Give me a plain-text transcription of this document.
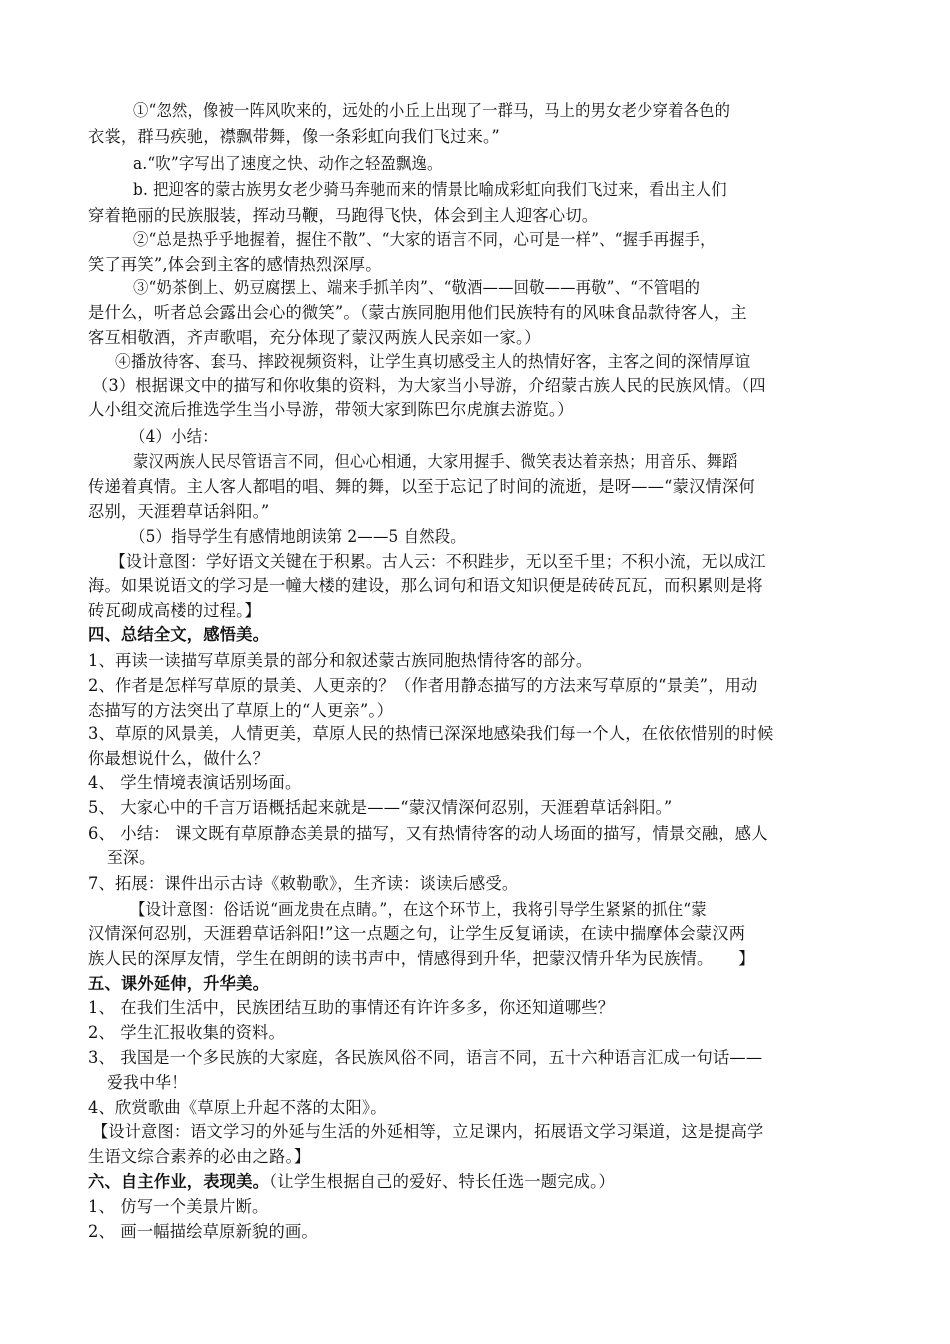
①“忽然，像被一阵风吹来的，远处的小丘上出现了一群马，马上的男女老少穿着各色的
衣裳，群马疾驰，襟飘带舞，像一条彩虹向我们飞过来。”
a.“吹”字写出了速度之快、动作之轻盈飘逸。
b. 把迎客的蒙古族男女老少骑马奔驰而来的情景比喻成彩虹向我们飞过来，看出主人们
穿着艳丽的民族服装，挥动马鞭，马跑得飞快，体会到主人迎客心切。
②“总是热乎乎地握着，握住不散”、“大家的语言不同，心可是一样”、“握手再握手，
笑了再笑”,体会到主客的感情热烈深厚。
③“奶茶倒上、奶豆腐摆上、端来手抓羊肉”、“敬酒——回敬——再敬”、“不管唱的
是什么，听者总会露出会心的微笑”。（蒙古族同胞用他们民族特有的风味食品款待客人，主
客互相敬酒，齐声歌唱，充分体现了蒙汉两族人民亲如一家。）
④播放待客、套马、摔跤视频资料，让学生真切感受主人的热情好客，主客之间的深情厚谊
（3）根据课文中的描写和你收集的资料，为大家当小导游，介绍蒙古族人民的民族风情。（四
人小组交流后推选学生当小导游，带领大家到陈巴尔虎旗去游览。）
（4）小结：
蒙汉两族人民尽管语言不同，但心心相通，大家用握手、微笑表达着亲热；用音乐、舞蹈
传递着真情。主人客人都唱的唱、舞的舞，以至于忘记了时间的流逝，是呀——“蒙汉情深何
忍别，天涯碧草话斜阳。”
（5）指导学生有感情地朗读第 2——5 自然段。
【设计意图：学好语文关键在于积累。古人云：不积跬步，无以至千里；不积小流，无以成江
海。如果说语文的学习是一幢大楼的建设，那么词句和语文知识便是砖砖瓦瓦，而积累则是将
砖瓦砌成高楼的过程。】
四、总结全文，感悟美。
1、再读一读描写草原美景的部分和叙述蒙古族同胞热情待客的部分。
2、作者是怎样写草原的景美、人更亲的？（作者用静态描写的方法来写草原的“景美”，用动
态描写的方法突出了草原上的“人更亲”。）
3、草原的风景美，人情更美，草原人民的热情已深深地感染我们每一个人，在依依惜别的时候
你最想说什么，做什么？
4、 学生情境表演话别场面。
5、 大家心中的千言万语概括起来就是——“蒙汉情深何忍别，天涯碧草话斜阳。”
6、 小结： 课文既有草原静态美景的描写，又有热情待客的动人场面的描写，情景交融，感人
至深。
7、拓展：课件出示古诗《敕勒歌》，生齐读：谈读后感受。
【设计意图：俗话说“画龙贵在点睛。”，在这个环节上，我将引导学生紧紧的抓住“蒙
汉情深何忍别，天涯碧草话斜阳!”这一点题之句，让学生反复诵读，在读中揣摩体会蒙汉两
族人民的深厚友情，学生在朗朗的读书声中，情感得到升华，把蒙汉情升华为民族情。　　】
五、课外延伸，升华美。
1、 在我们生活中，民族团结互助的事情还有许许多多，你还知道哪些？
2、 学生汇报收集的资料。
3、 我国是一个多民族的大家庭，各民族风俗不同，语言不同，五十六种语言汇成一句话——
爱我中华！
4、欣赏歌曲《草原上升起不落的太阳》。
【设计意图：语文学习的外延与生活的外延相等，立足课内，拓展语文学习渠道，这是提高学
生语文综合素养的必由之路。】
六、自主作业，表现美。（让学生根据自己的爱好、特长任选一题完成。）
1、 仿写一个美景片断。
2、 画一幅描绘草原新貌的画。
